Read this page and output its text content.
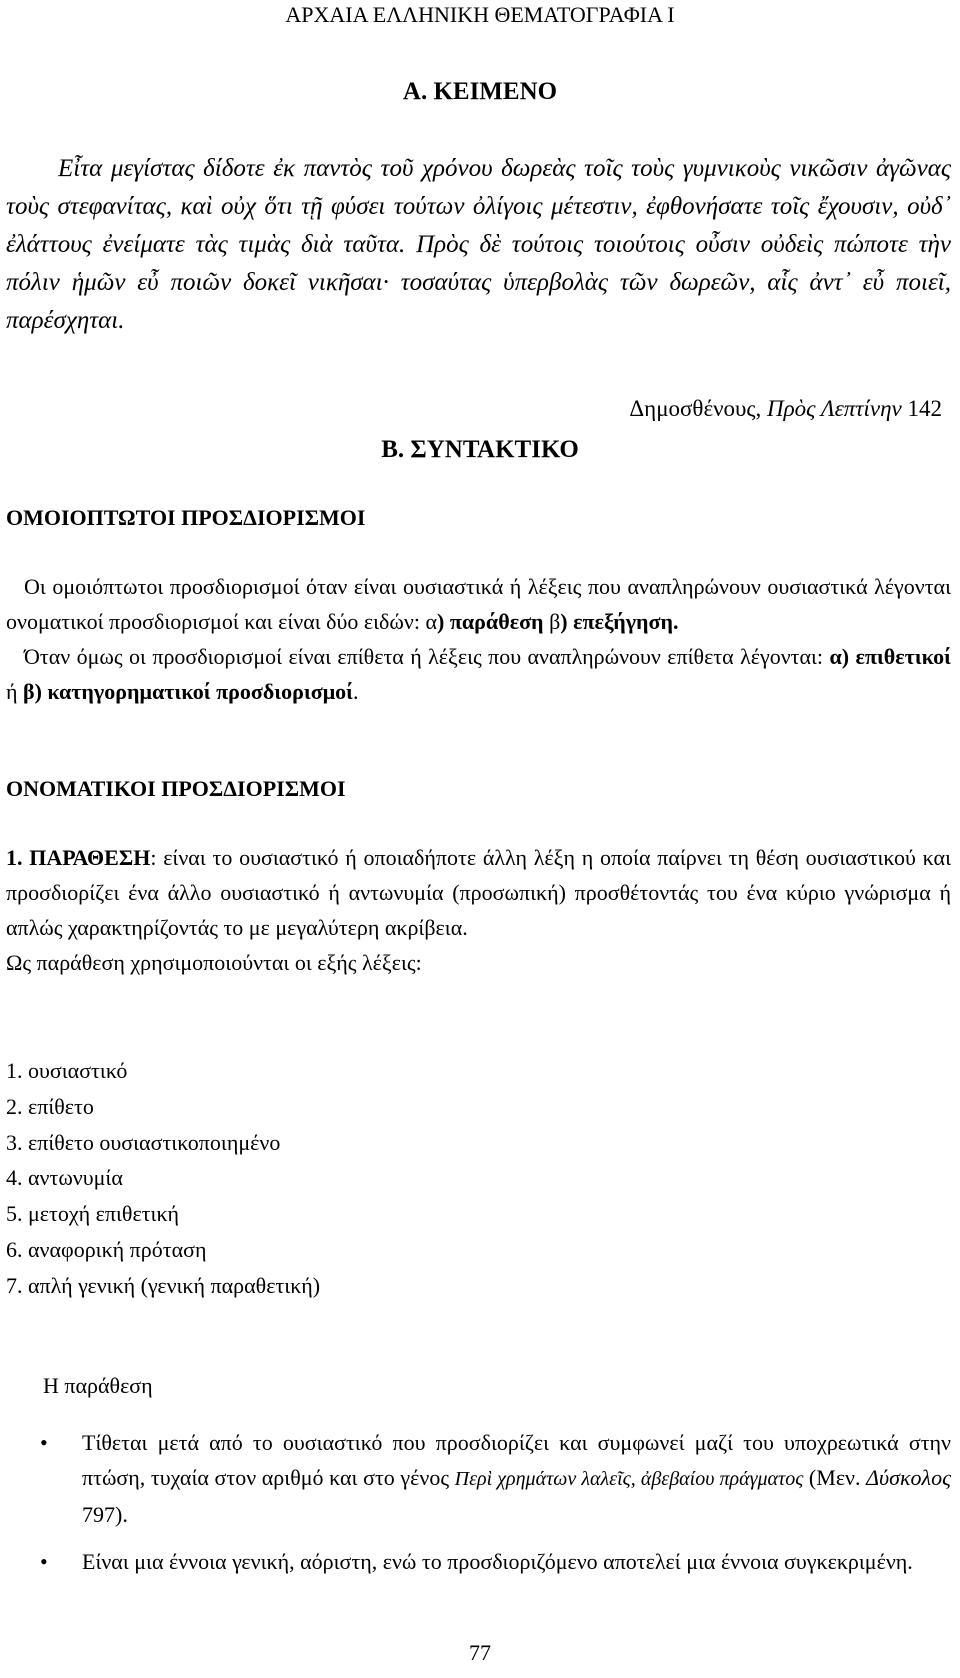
ΑΡΧΑΙΑ ΕΛΛΗΝΙΚΗ ΘΕΜΑΤΟΓΡΑΦΙΑ Ι
Α. ΚΕΙΜΕΝΟ

Εἶτα μεγίστας δίδοτε ἐκ παντὸς τοῦ χρόνου δωρεὰς τοῖς τοὺς γυμνικοὺς νικῶσιν ἀγῶνας τοὺς στεφανίτας, καὶ οὐχ ὅτι τῇ φύσει τούτων ὀλίγοις μέτεστιν, ἐφθονήσατε τοῖς ἔχουσιν, οὐδ᾽ ἐλάττους ἐνείματε τὰς τιμὰς διὰ ταῦτα. Πρὸς δὲ τούτοις τοιούτοις οὖσιν οὐδεὶς πώποτε τὴν πόλιν ἡμῶν εὖ ποιῶν δοκεῖ νικῆσαι· τοσαύτας ὑπερβολὰς τῶν δωρεῶν, αἷς ἀντ᾽ εὖ ποιεῖ, παρέσχηται.

Δημοσθένους, Πρὸς Λεπτίνην 142
Β. ΣΥΝΤΑΚΤΙΚΟ
ΟΜΟΙΟΠΤΩΤΟΙ ΠΡΟΣΔΙΟΡΙΣΜΟΙ

Οι ομοιόπτωτοι προσδιορισμοί όταν είναι ουσιαστικά ή λέξεις που αναπληρώνουν ουσιαστικά λέγονται ονοματικοί προσδιορισμοί και είναι δύο ειδών: α) παράθεση β) επεξήγηση.

Όταν όμως οι προσδιορισμοί είναι επίθετα ή λέξεις που αναπληρώνουν επίθετα λέγονται: α) επιθετικοί ή β) κατηγορηματικοί προσδιορισμοί.

ΟΝΟΜΑΤΙΚΟΙ ΠΡΟΣΔΙΟΡΙΣΜΟΙ

1. ΠΑΡΑΘΕΣΗ: είναι το ουσιαστικό ή οποιαδήποτε άλλη λέξη η οποία παίρνει τη θέση ουσιαστικού και προσδιορίζει ένα άλλο ουσιαστικό ή αντωνυμία (προσωπική) προσθέτοντάς του ένα κύριο γνώρισμα ή απλώς χαρακτηρίζοντάς το με μεγαλύτερη ακρίβεια.

Ως παράθεση χρησιμοποιούνται οι εξής λέξεις:

1. ουσιαστικό
2. επίθετο
3. επίθετο ουσιαστικοποιημένο
4. αντωνυμία
5. μετοχή επιθετική
6. αναφορική πρόταση
7. απλή γενική (γενική παραθετική)
Η παράθεση
• Τίθεται μετά από το ουσιαστικό που προσδιορίζει και συμφωνεί μαζί του υποχρεωτικά στην πτώση, τυχαία στον αριθμό και στο γένος Περὶ χρημάτων λαλεῖς, ἀβεβαίου πράγματος (Μεν. Δύσκολος 797).
• Είναι μια έννοια γενική, αόριστη, ενώ το προσδιοριζόμενο αποτελεί μια έννοια συγκεκριμένη.
77
